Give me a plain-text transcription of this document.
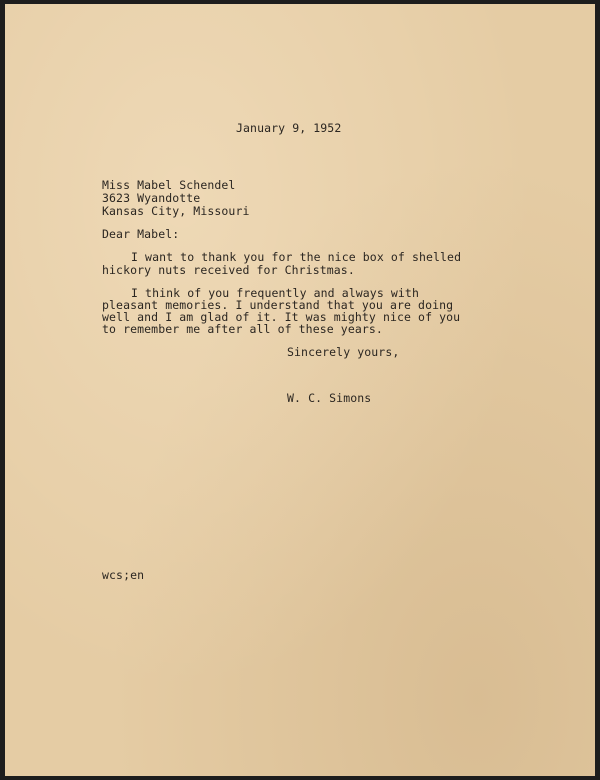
January 9, 1952
Miss Mabel Schendel
3623 Wyandotte
Kansas City, Missouri
Dear Mabel:
I want to thank you for the nice box of shelled
hickory nuts received for Christmas.
I think of you frequently and always with
pleasant memories. I understand that you are doing
well and I am glad of it. It was mighty nice of you
to remember me after all of these years.
Sincerely yours,
W. C. Simons
wcs;en
